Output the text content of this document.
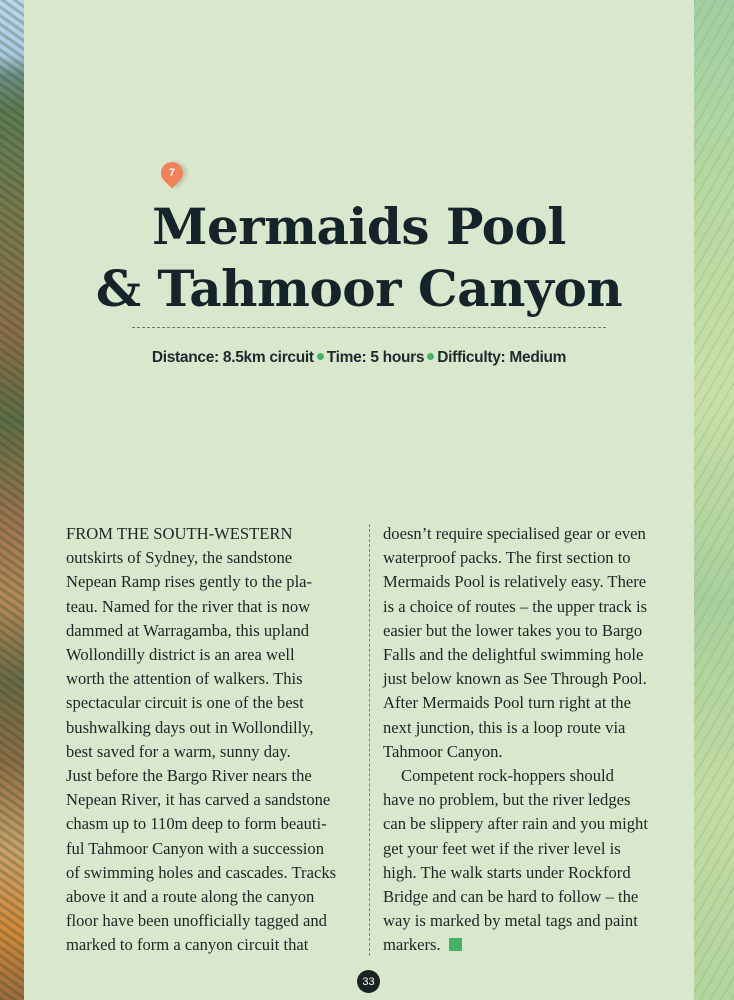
7
Mermaids Pool
& Tahmoor Canyon
Distance: 8.5km circuit Time: 5 hours Difficulty: Medium
FROM THE SOUTH-WESTERN
outskirts of Sydney, the sandstone
Nepean Ramp rises gently to the pla-
teau. Named for the river that is now
dammed at Warragamba, this upland
Wollondilly district is an area well
worth the attention of walkers. This
spectacular circuit is one of the best
bushwalking days out in Wollondilly,
best saved for a warm, sunny day.
Just before the Bargo River nears the
Nepean River, it has carved a sandstone
chasm up to 110m deep to form beauti-
ful Tahmoor Canyon with a succession
of swimming holes and cascades. Tracks
above it and a route along the canyon
floor have been unofficially tagged and
marked to form a canyon circuit that
doesn’t require specialised gear or even
waterproof packs. The first section to
Mermaids Pool is relatively easy. There
is a choice of routes – the upper track is
easier but the lower takes you to Bargo
Falls and the delightful swimming hole
just below known as See Through Pool.
After Mermaids Pool turn right at the
next junction, this is a loop route via
Tahmoor Canyon.
Competent rock-hoppers should
have no problem, but the river ledges
can be slippery after rain and you might
get your feet wet if the river level is
high. The walk starts under Rockford
Bridge and can be hard to follow – the
way is marked by metal tags and paint
markers.
33
